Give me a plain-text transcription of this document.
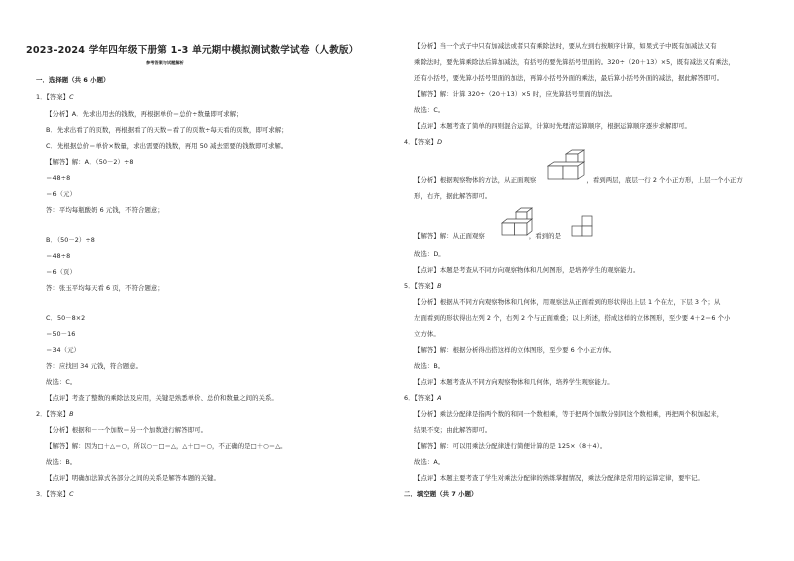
2023-2024 学年四年级下册第 1-3 单元期中模拟测试数学试卷（人教版）
参考答案与试题解析
一．选择题（共 6 小题）
1．【答案】C
【分析】A．先求出用去的钱数，再根据单价＝总价÷数量即可求解；
B．先求出看了的页数，再根据看了的天数＝看了的页数÷每天看的页数，即可求解；
C．先根据总价＝单价×数量，求出需要的钱数，再用 50 减去需要的钱数即可求解。
【解答】解：A．（50－2）÷8
＝48÷8
＝6（元）
答：平均每瓶酸奶 6 元钱，不符合题意；
B．（50－2）÷8
＝48÷8
＝6（页）
答：张玉平均每天看 6 页，不符合题意；
C．50－8×2
＝50－16
＝34（元）
答：应找回 34 元钱，符合题意。
故选：C。
【点评】考查了整数的乘除法及应用，关键是熟悉单价、总价和数量之间的关系。
2．【答案】B
【分析】根据和－一个加数＝另一个加数进行解答即可。
【解答】解：因为□＋△＝○，所以○－□＝△，△＋□＝○，不正确的是□＋○＝△。
故选：B。
【点评】明确加法算式各部分之间的关系是解答本题的关键。
3．【答案】C
【分析】当一个式子中只有加减法或者只有乘除法时，要从左到右按顺序计算，如果式子中既有加减法又有
乘除法时，要先算乘除法后算加减法，有括号的要先算括号里面的。320÷（20＋13）×5，既有减法又有乘法，
还有小括号，要先算小括号里面的加法，再算小括号外面的乘法，最后算小括号外面的减法，据此解答即可。
【解答】解：计算 320÷（20＋13）×5 时，应先算括号里面的加法。
故选：C。
【点评】本题考查了简单的四则混合运算，计算时先理清运算顺序，根据运算顺序逐步求解即可。
4．【答案】D
【分析】根据观察物体的方法，从正面观察	，看到两层，底层一行 2 个小正方形，上层一个小正方
形，右齐，据此解答即可。
【解答】解：从正面观察	，看到的是
故选：D。
【点评】本题是考查从不同方向观察物体和几何图形，是培养学生的观察能力。
5．【答案】B
【分析】根据从不同方向观察物体和几何体，用观察法从正面看到的形状得出上层 1 个在左，下层 3 个；从
左面看到的形状得出左列 2 个，右列 2 个与正面重叠；以上所述，搭成这样的立体图形，至少要 4＋2＝6 个小
立方体。
【解答】解：根据分析得出搭这样的立体图形，至少要 6 个小正方体。
故选：B。
【点评】本题考查从不同方向观察物体和几何体，培养学生观察能力。
6．【答案】A
【分析】乘法分配律是指两个数的和同一个数相乘，等于把两个加数分别同这个数相乘，再把两个积加起来，
结果不变；由此解答即可。
【解答】解：可以用乘法分配律进行简便计算的是 125×（8＋4）。
故选：A。
【点评】本题主要考查了学生对乘法分配律的熟练掌握情况，乘法分配律是常用的运算定律，要牢记。
二．填空题（共 7 小题）
